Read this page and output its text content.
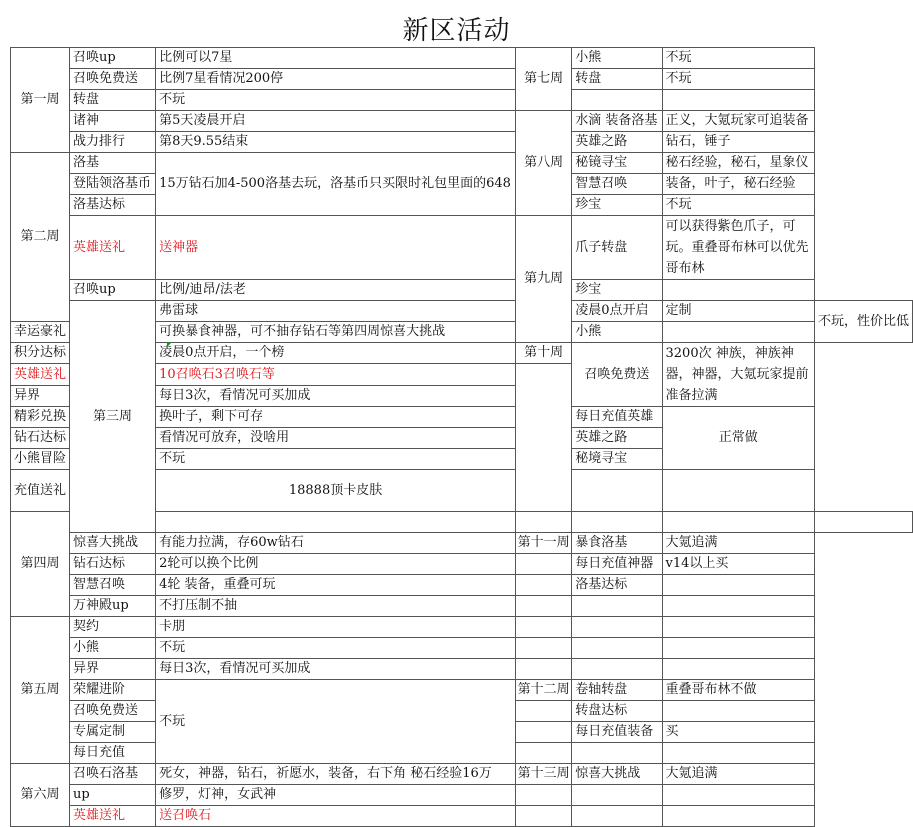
新区活动
第一周	召唤up	比例可以7星	第七周	小熊	不玩	
	召唤免费送	比例7星看情况200停		转盘	不玩	
	转盘	不玩				
	诸神	第5天凌晨开启	第八周	水滴 装备洛基	正义，大氪玩家可追装备	
	战力排行	第8天9.55结束		英雄之路	钻石，锤子	
第二周	洛基	15万钻石加4-500洛基去玩，洛基币只买限时礼包里面的648		秘镜寻宝	秘石经验，秘石，星象仪	
	登陆领洛基币			智慧召唤	装备，叶子，秘石经验	
	洛基达标			珍宝	不玩	
	英雄送礼	送神器	第九周	爪子转盘	可以获得紫色爪子，可玩。重叠哥布林可以优先哥布林	
	召唤up	比例/迪昂/法老		珍宝		
	第三周	弗雷球		凌晨0点开启	定制	不玩，性价比低
幸运豪礼		可换暴食神器，可不抽存钻石等第四周惊喜大挑战		小熊		
积分达标		凌晨0点开启，一个榜	第十周	召唤免费送	3200次 神族，神族神器，神器，大氪玩家提前准备拉满	
英雄送礼		10召唤石3召唤石等				
异界		每日3次，看情况可买加成				
精彩兑换		换叶子，剩下可存		每日充值英雄	正常做	
钻石达标		看情况可放弃，没啥用		英雄之路		
小熊冒险		不玩		秘境寻宝		
充值送礼		18888顶卡皮肤				
第四周						
	惊喜大挑战	有能力拉满，存60w钻石	第十一周	暴食洛基	大氪追满	
	钻石达标	2轮可以换个比例		每日充值神器	v14以上买	
	智慧召唤	4轮 装备，重叠可玩		洛基达标		
	万神殿up	不打压制不抽				
第五周	契约	卡朋				
	小熊	不玩				
	异界	每日3次，看情况可买加成				
	荣耀进阶	不玩	第十二周	卷轴转盘	重叠哥布林不做	
	召唤免费送			转盘达标		
	专属定制			每日充值装备	买	
	每日充值					
第六周	召唤石洛基	死女，神器，钻石，祈愿水，装备，右下角 秘石经验16万	第十三周	惊喜大挑战	大氪追满	
	up	修罗，灯神，女武神				
	英雄送礼	送召唤石				
